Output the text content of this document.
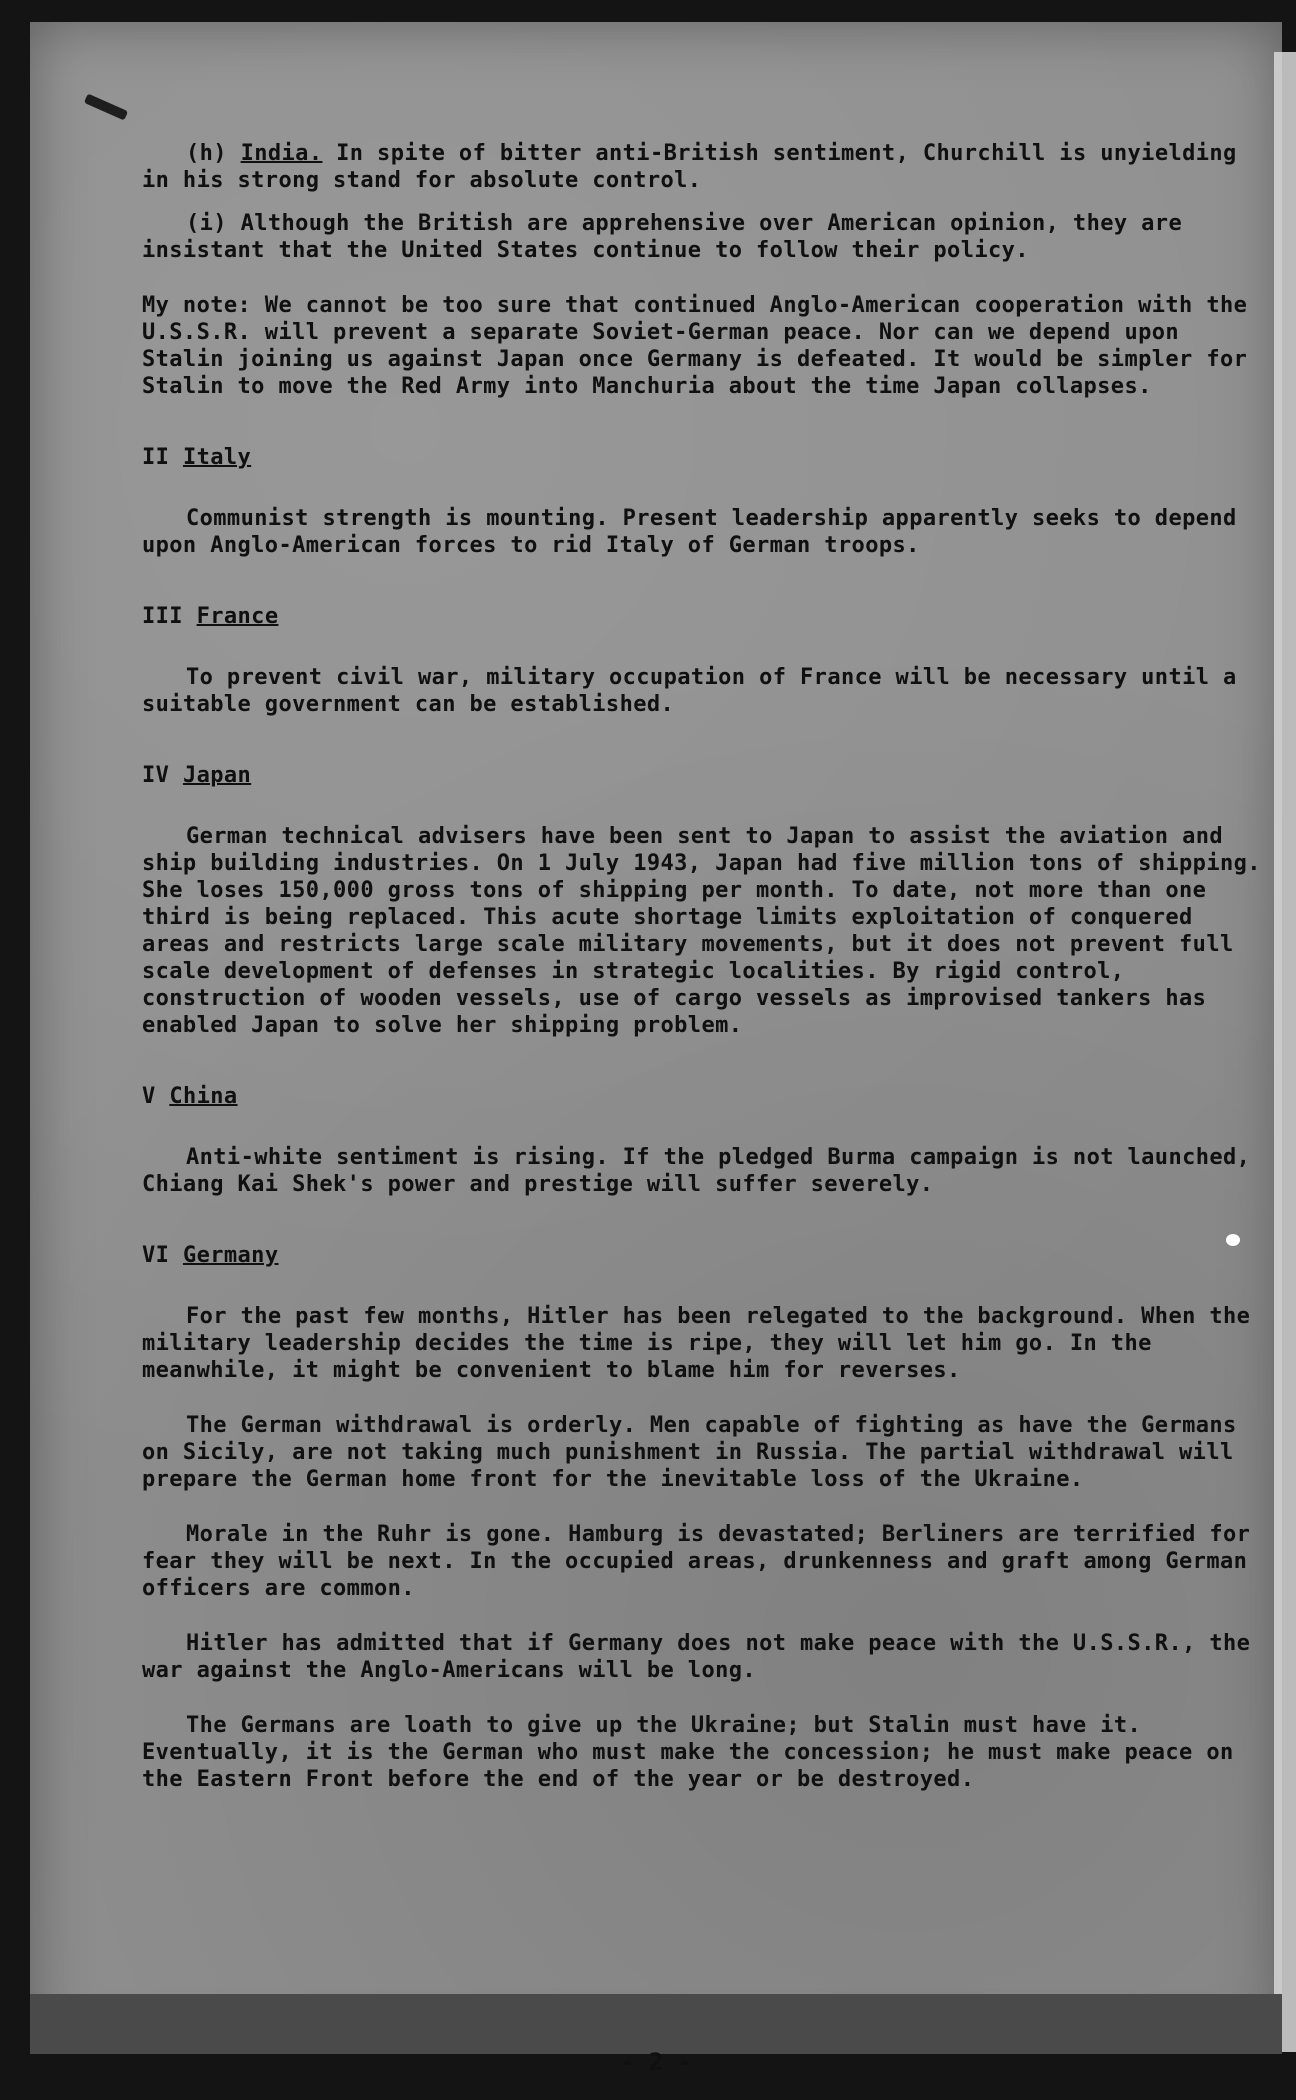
(h) India. In spite of bitter anti-British sentiment, Churchill is unyielding in his strong stand for absolute control.

(i) Although the British are apprehensive over American opinion, they are insistant that the United States continue to follow their policy.

My note: We cannot be too sure that continued Anglo-American cooperation with the U.S.S.R. will prevent a separate Soviet-German peace. Nor can we depend upon Stalin joining us against Japan once Germany is defeated. It would be simpler for Stalin to move the Red Army into Manchuria about the time Japan collapses.

II Italy

Communist strength is mounting. Present leadership apparently seeks to depend upon Anglo-American forces to rid Italy of German troops.

III France

To prevent civil war, military occupation of France will be necessary until a suitable government can be established.

IV Japan

German technical advisers have been sent to Japan to assist the aviation and ship building industries. On 1 July 1943, Japan had five million tons of shipping. She loses 150,000 gross tons of shipping per month. To date, not more than one third is being replaced. This acute shortage limits exploitation of conquered areas and restricts large scale military movements, but it does not prevent full scale development of defenses in strategic localities. By rigid control, construction of wooden vessels, use of cargo vessels as improvised tankers has enabled Japan to solve her shipping problem.

V China

Anti-white sentiment is rising. If the pledged Burma campaign is not launched, Chiang Kai Shek's power and prestige will suffer severely.

VI Germany

For the past few months, Hitler has been relegated to the background. When the military leadership decides the time is ripe, they will let him go. In the meanwhile, it might be convenient to blame him for reverses.

The German withdrawal is orderly. Men capable of fighting as have the Germans on Sicily, are not taking much punishment in Russia. The partial withdrawal will prepare the German home front for the inevitable loss of the Ukraine.

Morale in the Ruhr is gone. Hamburg is devastated; Berliners are terrified for fear they will be next. In the occupied areas, drunkenness and graft among German officers are common.

Hitler has admitted that if Germany does not make peace with the U.S.S.R., the war against the Anglo-Americans will be long.

The Germans are loath to give up the Ukraine; but Stalin must have it. Eventually, it is the German who must make the concession; he must make peace on the Eastern Front before the end of the year or be destroyed.

- 2 -
